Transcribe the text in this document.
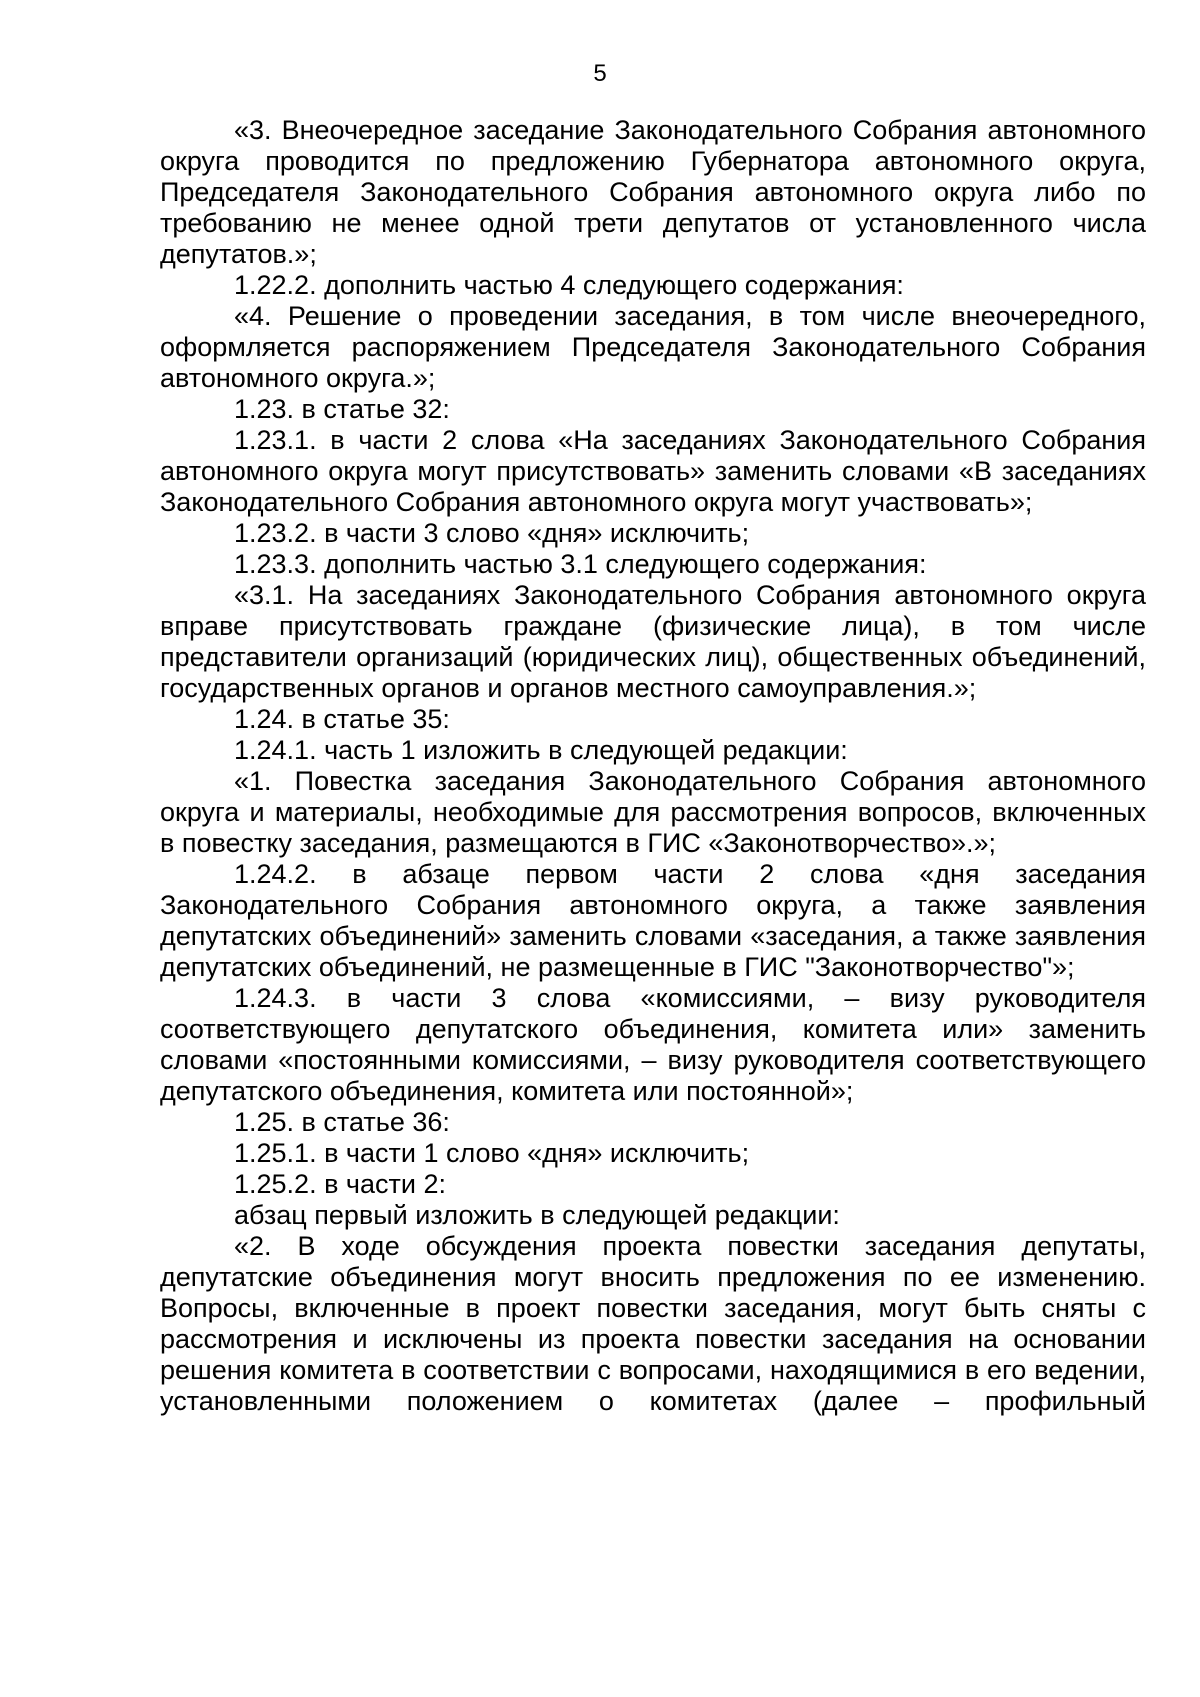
5

«3. Внеочередное заседание Законодательного Собрания автономного округа проводится по предложению Губернатора автономного округа, Председателя Законодательного Собрания автономного округа либо по требованию не менее одной трети депутатов от установленного числа депутатов.»;

1.22.2. дополнить частью 4 следующего содержания:

«4. Решение о проведении заседания, в том числе внеочередного, оформляется распоряжением Председателя Законодательного Собрания автономного округа.»;

1.23. в статье 32:

1.23.1. в части 2 слова «На заседаниях Законодательного Собрания автономного округа могут присутствовать» заменить словами «В заседаниях Законодательного Собрания автономного округа могут участвовать»;

1.23.2. в части 3 слово «дня» исключить;

1.23.3. дополнить частью 3.1 следующего содержания:

«3.1. На заседаниях Законодательного Собрания автономного округа вправе присутствовать граждане (физические лица), в том числе представители организаций (юридических лиц), общественных объединений, государственных органов и органов местного самоуправления.»;

1.24. в статье 35:

1.24.1. часть 1 изложить в следующей редакции:

«1. Повестка заседания Законодательного Собрания автономного округа и материалы, необходимые для рассмотрения вопросов, включенных в повестку заседания, размещаются в ГИС «Законотворчество».»;

1.24.2. в абзаце первом части 2 слова «дня заседания Законодательного Собрания автономного округа, а также заявления депутатских объединений» заменить словами «заседания, а также заявления депутатских объединений, не размещенные в ГИС "Законотворчество"»;

1.24.3. в части 3 слова «комиссиями, – визу руководителя соответствующего депутатского объединения, комитета или» заменить словами «постоянными комиссиями, – визу руководителя соответствующего депутатского объединения, комитета или постоянной»;

1.25. в статье 36:

1.25.1. в части 1 слово «дня» исключить;

1.25.2. в части 2:

абзац первый изложить в следующей редакции:

«2. В ходе обсуждения проекта повестки заседания депутаты, депутатские объединения могут вносить предложения по ее изменению. Вопросы, включенные в проект повестки заседания, могут быть сняты с рассмотрения и исключены из проекта повестки заседания на основании решения комитета в соответствии с вопросами, находящимися в его ведении, установленными положением о комитетах (далее – профильный
